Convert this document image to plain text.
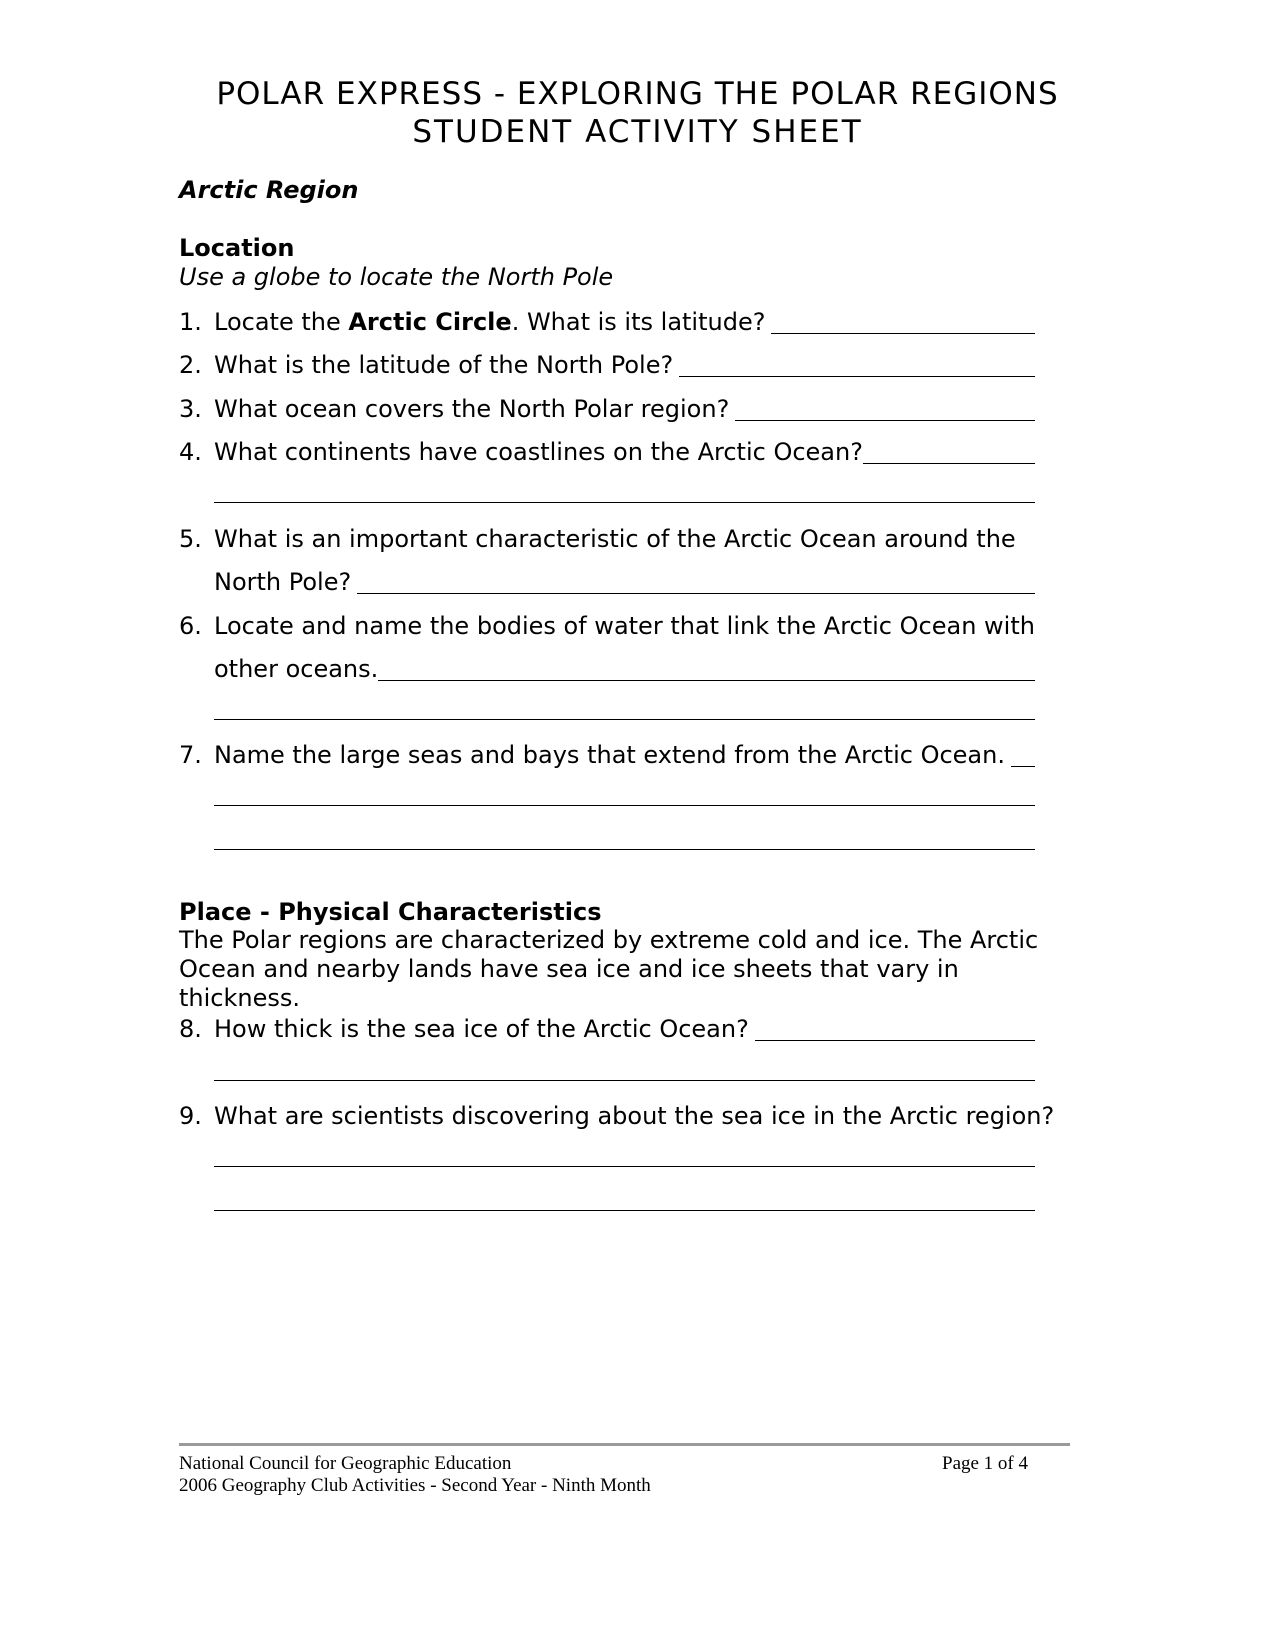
POLAR EXPRESS - EXPLORING THE POLAR REGIONS
STUDENT ACTIVITY SHEET
Arctic Region
Location
Use a globe to locate the North Pole
1. Locate the Arctic Circle. What is its latitude?
2. What is the latitude of the North Pole?
3. What ocean covers the North Polar region?
4. What continents have coastlines on the Arctic Ocean?
5. What is an important characteristic of the Arctic Ocean around the
North Pole?
6. Locate and name the bodies of water that link the Arctic Ocean with
other oceans.
7. Name the large seas and bays that extend from the Arctic Ocean.
Place - Physical Characteristics
The Polar regions are characterized by extreme cold and ice. The Arctic Ocean and nearby lands have sea ice and ice sheets that vary in thickness.
8. How thick is the sea ice of the Arctic Ocean?
9. What are scientists discovering about the sea ice in the Arctic region?
National Council for Geographic Education
2006 Geography Club Activities - Second Year - Ninth Month
Page 1 of 4
